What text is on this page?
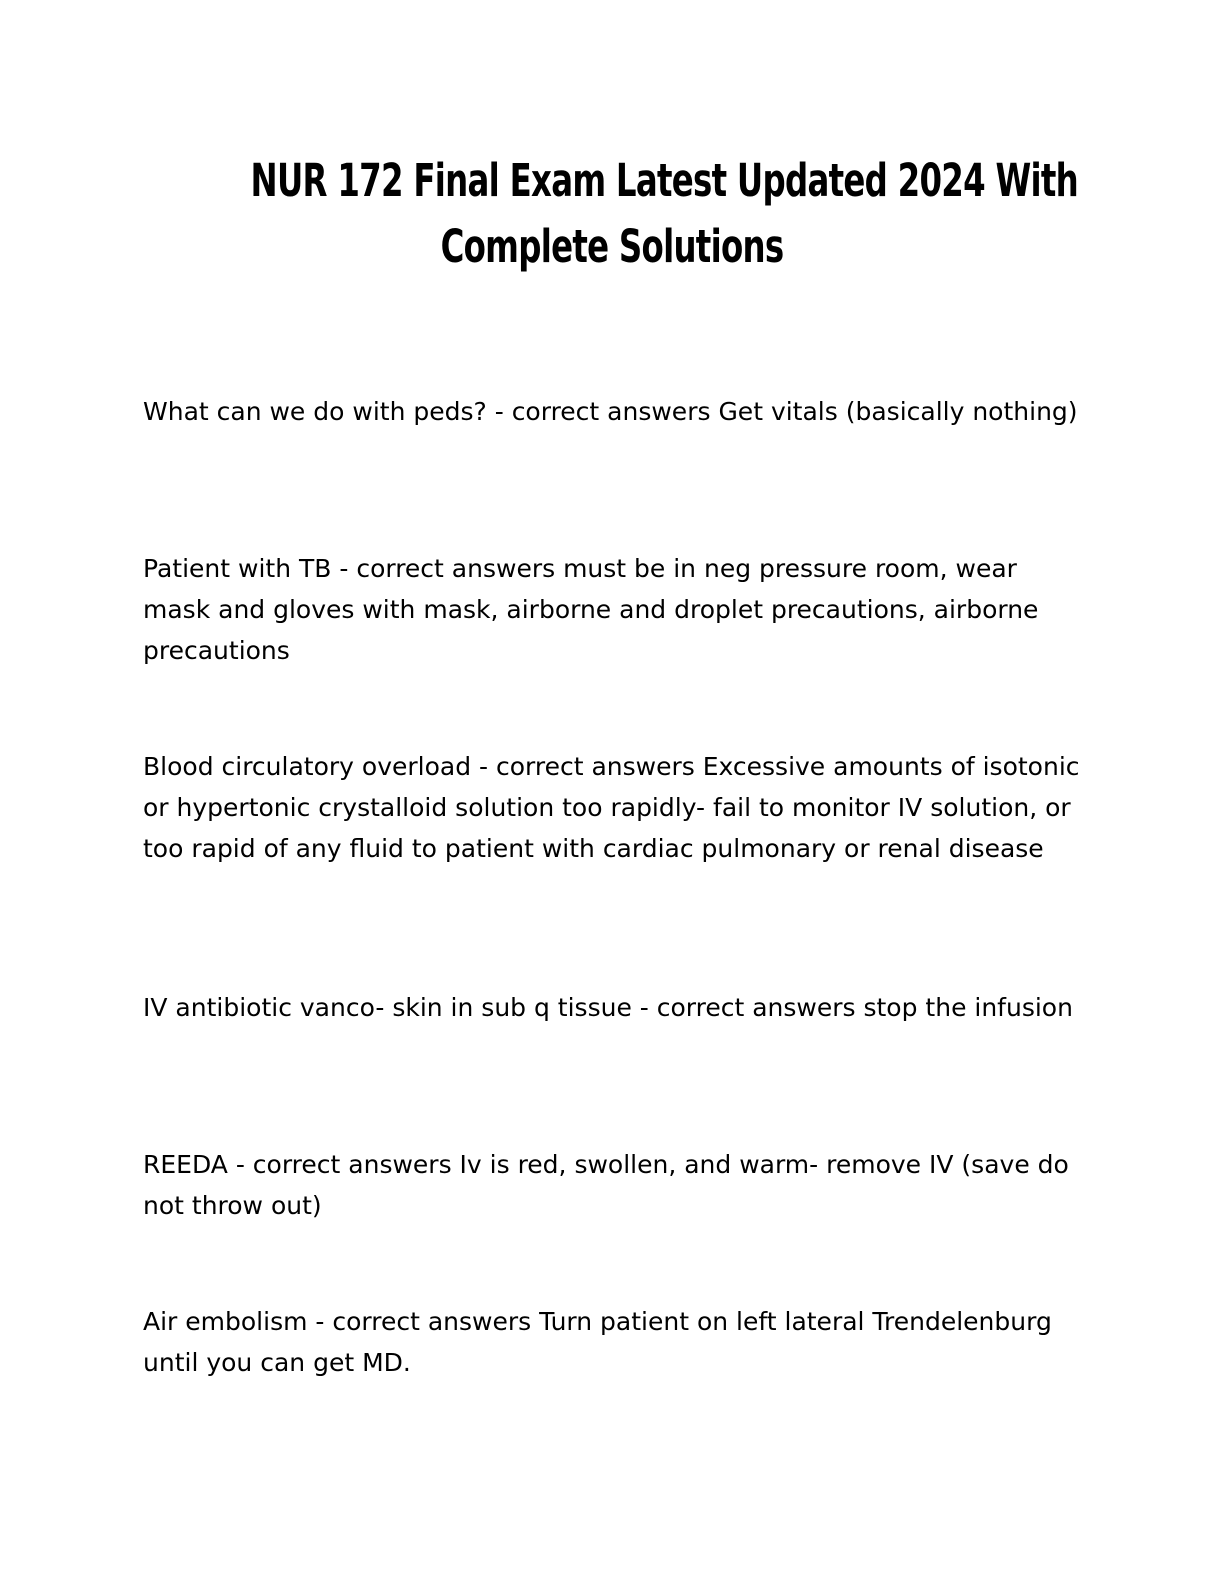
NUR 172 Final Exam Latest Updated 2024 With
Complete Solutions

What can we do with peds? - correct answers Get vitals (basically nothing)

Patient with TB - correct answers must be in neg pressure room, wear mask and gloves with mask, airborne and droplet precautions, airborne precautions

Blood circulatory overload - correct answers Excessive amounts of isotonic or hypertonic crystalloid solution too rapidly- fail to monitor IV solution, or too rapid of any fluid to patient with cardiac pulmonary or renal disease

IV antibiotic vanco- skin in sub q tissue - correct answers stop the infusion

REEDA - correct answers Iv is red, swollen, and warm- remove IV (save do not throw out)

Air embolism - correct answers Turn patient on left lateral Trendelenburg until you can get MD.
